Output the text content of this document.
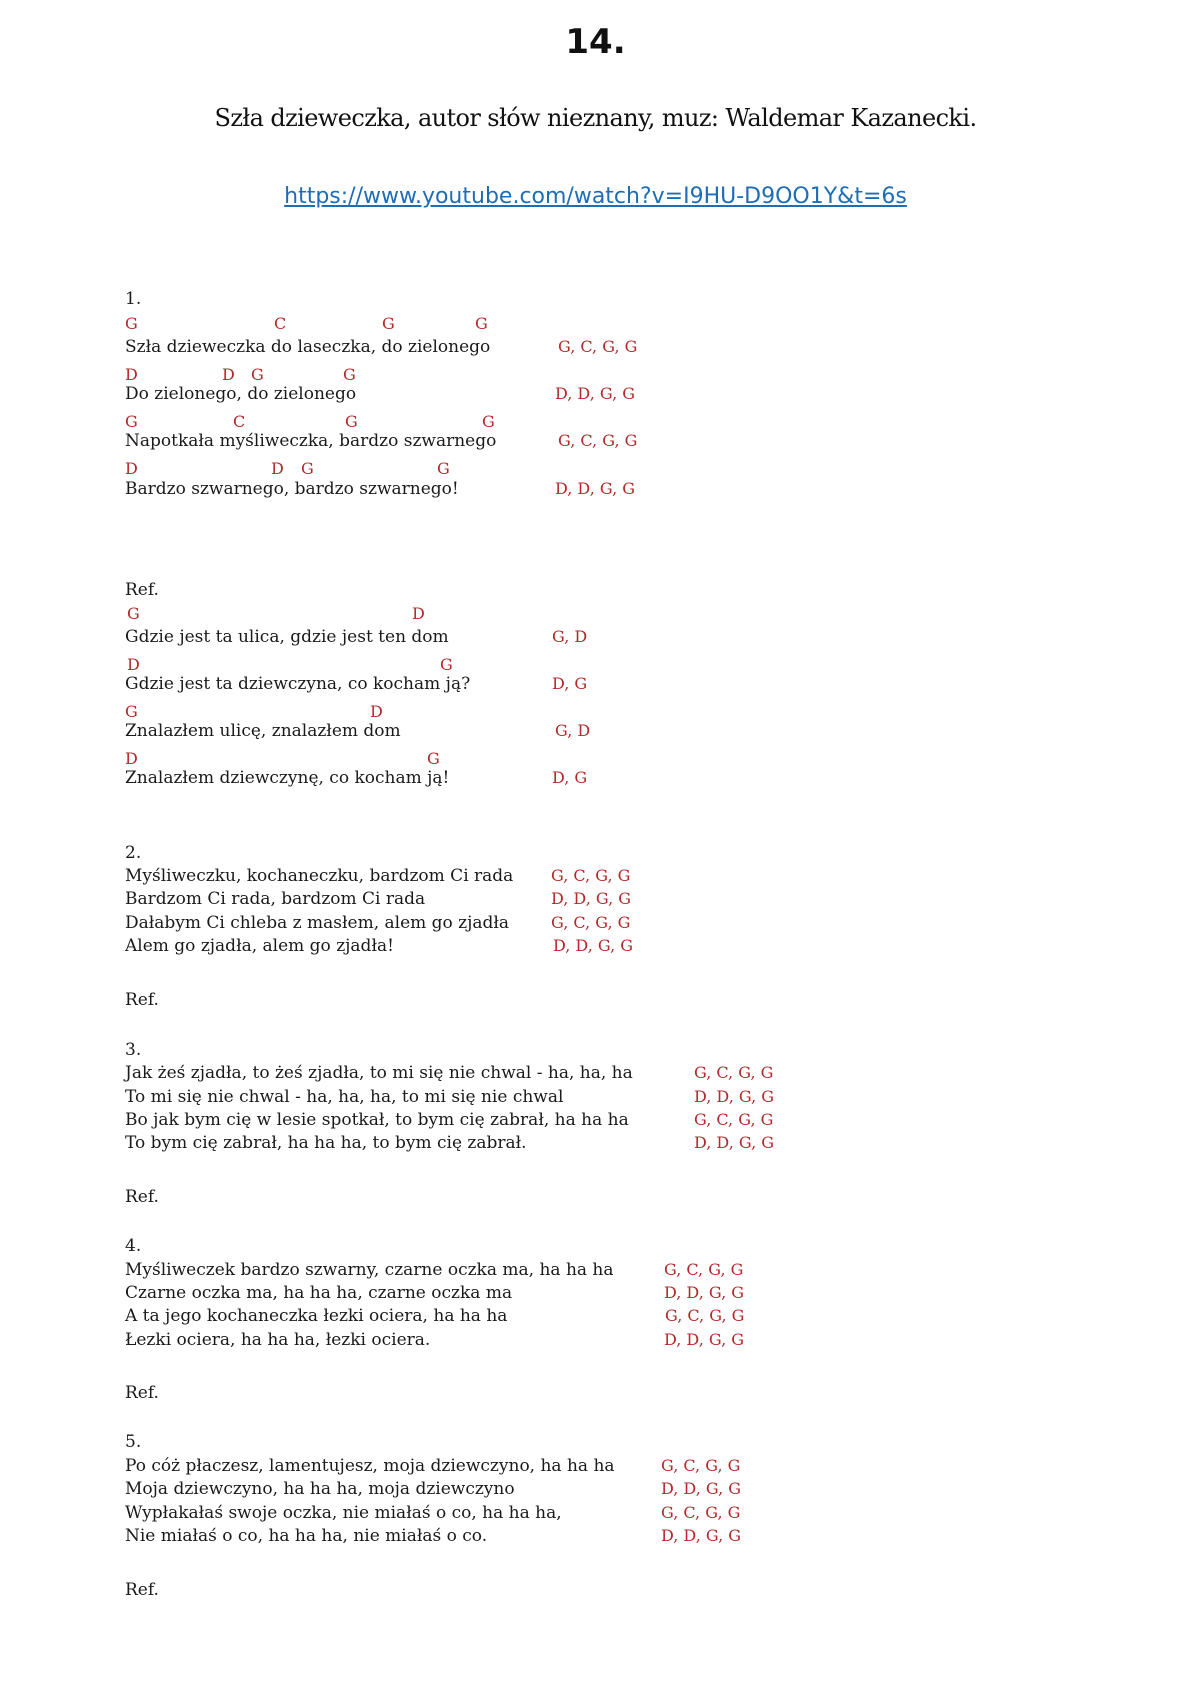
14.
Szła dzieweczka, autor słów nieznany, muz: Waldemar Kazanecki.
https://www.youtube.com/watch?v=I9HU-D9OO1Y&t=6s
1.
G	C	G	G
Szła dzieweczka do laseczka, do zielonego	G, C, G, G
D	D G	G
Do zielonego, do zielonego	D, D, G, G
G	C	G	G
Napotkała myśliweczka, bardzo szwarnego	G, C, G, G
D	D G	G
Bardzo szwarnego, bardzo szwarnego!	D, D, G, G
Ref.
G	D
Gdzie jest ta ulica, gdzie jest ten dom	G, D
D	G
Gdzie jest ta dziewczyna, co kocham ją?	D, G
G	D
Znalazłem ulicę, znalazłem dom	G, D
D	G
Znalazłem dziewczynę, co kocham ją!	D, G
2.
Myśliweczku, kochaneczku, bardzom Ci rada G, C, G, G
Bardzom Ci rada, bardzom Ci rada	D, D, G, G
Dałabym Ci chleba z masłem, alem go zjadła	G, C, G, G
Alem go zjadła, alem go zjadła!	D, D, G, G
Ref.
3.
Jak żeś zjadła, to żeś zjadła, to mi się nie chwal - ha, ha, ha	G, C, G, G
To mi się nie chwal - ha, ha, ha, to mi się nie chwal	D, D, G, G
Bo jak bym cię w lesie spotkał, to bym cię zabrał, ha ha ha	G, C, G, G
To bym cię zabrał, ha ha ha, to bym cię zabrał.	D, D, G, G
Ref.
4.
Myśliweczek bardzo szwarny, czarne oczka ma, ha ha ha	G, C, G, G
Czarne oczka ma, ha ha ha, czarne oczka ma	D, D, G, G
A ta jego kochaneczka łezki ociera, ha ha ha	G, C, G, G
Łezki ociera, ha ha ha, łezki ociera.	D, D, G, G
Ref.
5.
Po cóż płaczesz, lamentujesz, moja dziewczyno, ha ha ha	G, C, G, G
Moja dziewczyno, ha ha ha, moja dziewczyno	D, D, G, G
Wypłakałaś swoje oczka, nie miałaś o co, ha ha ha,	G, C, G, G
Nie miałaś o co, ha ha ha, nie miałaś o co.	D, D, G, G
Ref.
